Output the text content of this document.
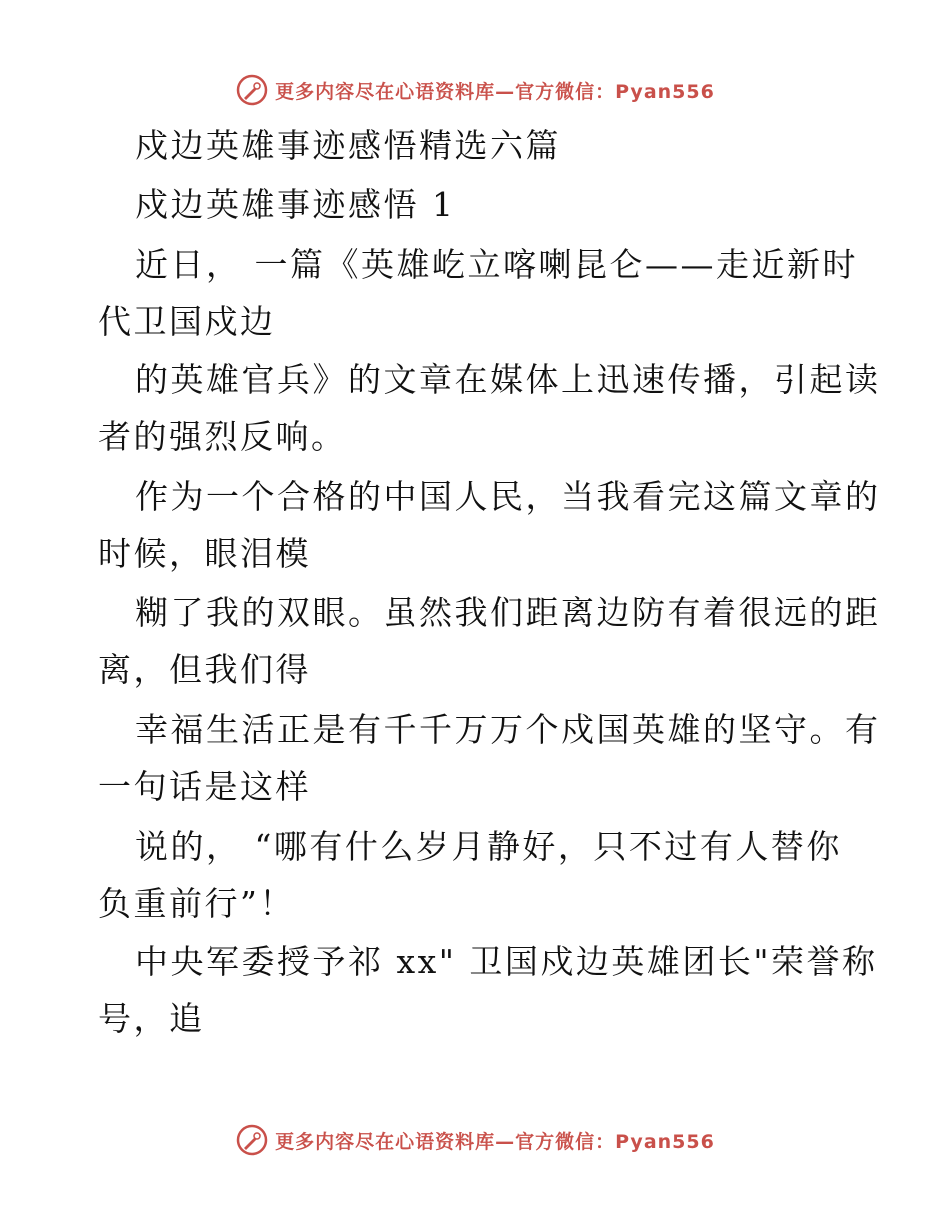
更多内容尽在心语资料库—官方微信：Pyan556
戍边英雄事迹感悟精选六篇
戍边英雄事迹感悟 1
近日， 一篇《英雄屹立喀喇昆仑——走近新时
代卫国戍边
的英雄官兵》的文章在媒体上迅速传播，引起读
者的强烈反响。
作为一个合格的中国人民，当我看完这篇文章的
时候，眼泪模
糊了我的双眼。虽然我们距离边防有着很远的距
离，但我们得
幸福生活正是有千千万万个戍国英雄的坚守。有
一句话是这样
说的， “哪有什么岁月静好，只不过有人替你
负重前行”！
中央军委授予祁 xx" 卫国戍边英雄团长"荣誉称
号，追
更多内容尽在心语资料库—官方微信：Pyan556
